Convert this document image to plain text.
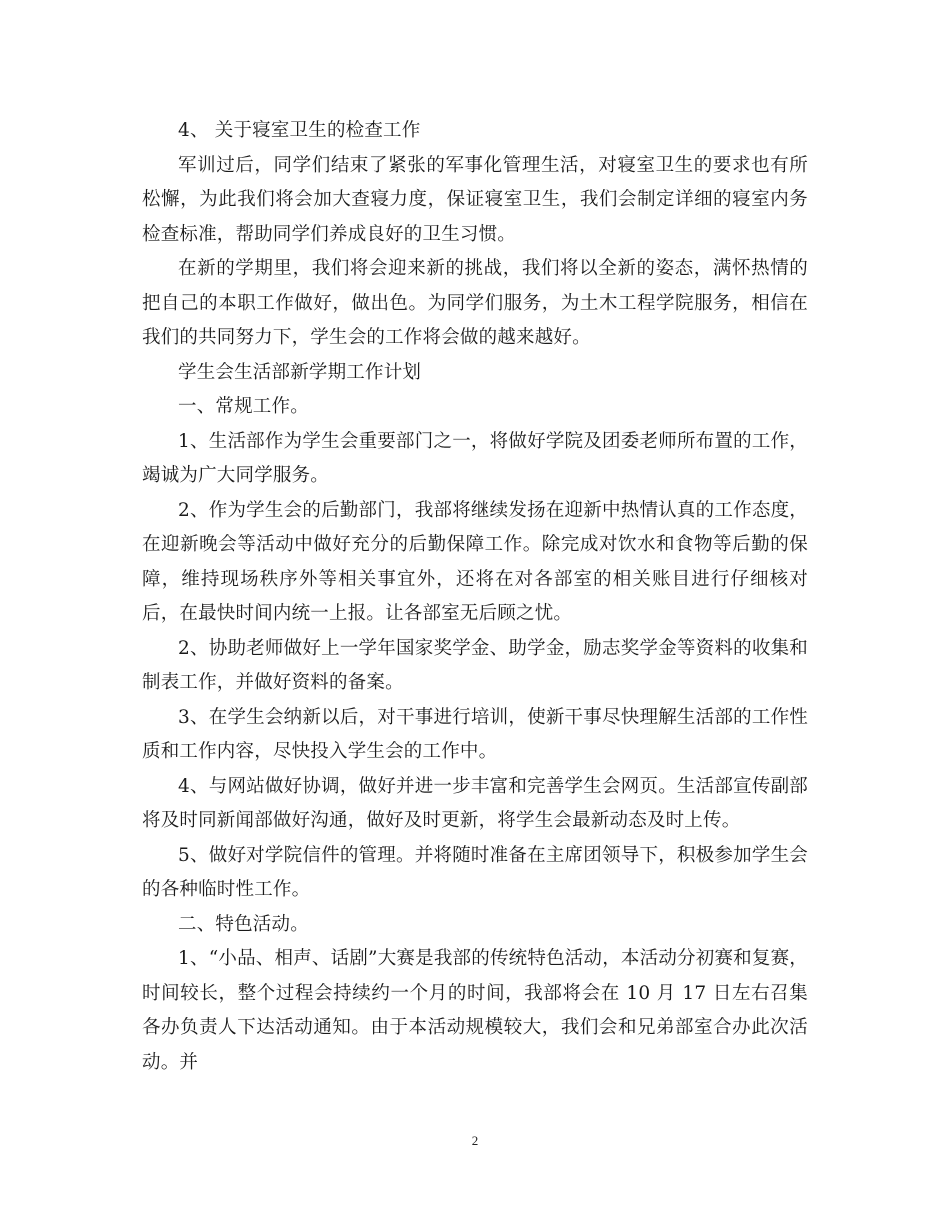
4、 关于寝室卫生的检查工作

军训过后，同学们结束了紧张的军事化管理生活，对寝室卫生的要求也有所松懈，为此我们将会加大查寝力度，保证寝室卫生，我们会制定详细的寝室内务检查标准，帮助同学们养成良好的卫生习惯。

在新的学期里，我们将会迎来新的挑战，我们将以全新的姿态，满怀热情的把自己的本职工作做好，做出色。为同学们服务，为土木工程学院服务，相信在我们的共同努力下，学生会的工作将会做的越来越好。

学生会生活部新学期工作计划

一、常规工作。

1、生活部作为学生会重要部门之一，将做好学院及团委老师所布置的工作，竭诚为广大同学服务。

2、作为学生会的后勤部门，我部将继续发扬在迎新中热情认真的工作态度，在迎新晚会等活动中做好充分的后勤保障工作。除完成对饮水和食物等后勤的保障，维持现场秩序外等相关事宜外，还将在对各部室的相关账目进行仔细核对后，在最快时间内统一上报。让各部室无后顾之忧。

2、协助老师做好上一学年国家奖学金、助学金，励志奖学金等资料的收集和制表工作，并做好资料的备案。

3、在学生会纳新以后，对干事进行培训，使新干事尽快理解生活部的工作性质和工作内容，尽快投入学生会的工作中。

4、与网站做好协调，做好并进一步丰富和完善学生会网页。生活部宣传副部将及时同新闻部做好沟通，做好及时更新，将学生会最新动态及时上传。

5、做好对学院信件的管理。并将随时准备在主席团领导下，积极参加学生会的各种临时性工作。

二、特色活动。

1、“小品、相声、话剧”大赛是我部的传统特色活动，本活动分初赛和复赛，时间较长，整个过程会持续约一个月的时间，我部将会在 10 月 17 日左右召集各办负责人下达活动通知。由于本活动规模较大，我们会和兄弟部室合办此次活动。并

2
